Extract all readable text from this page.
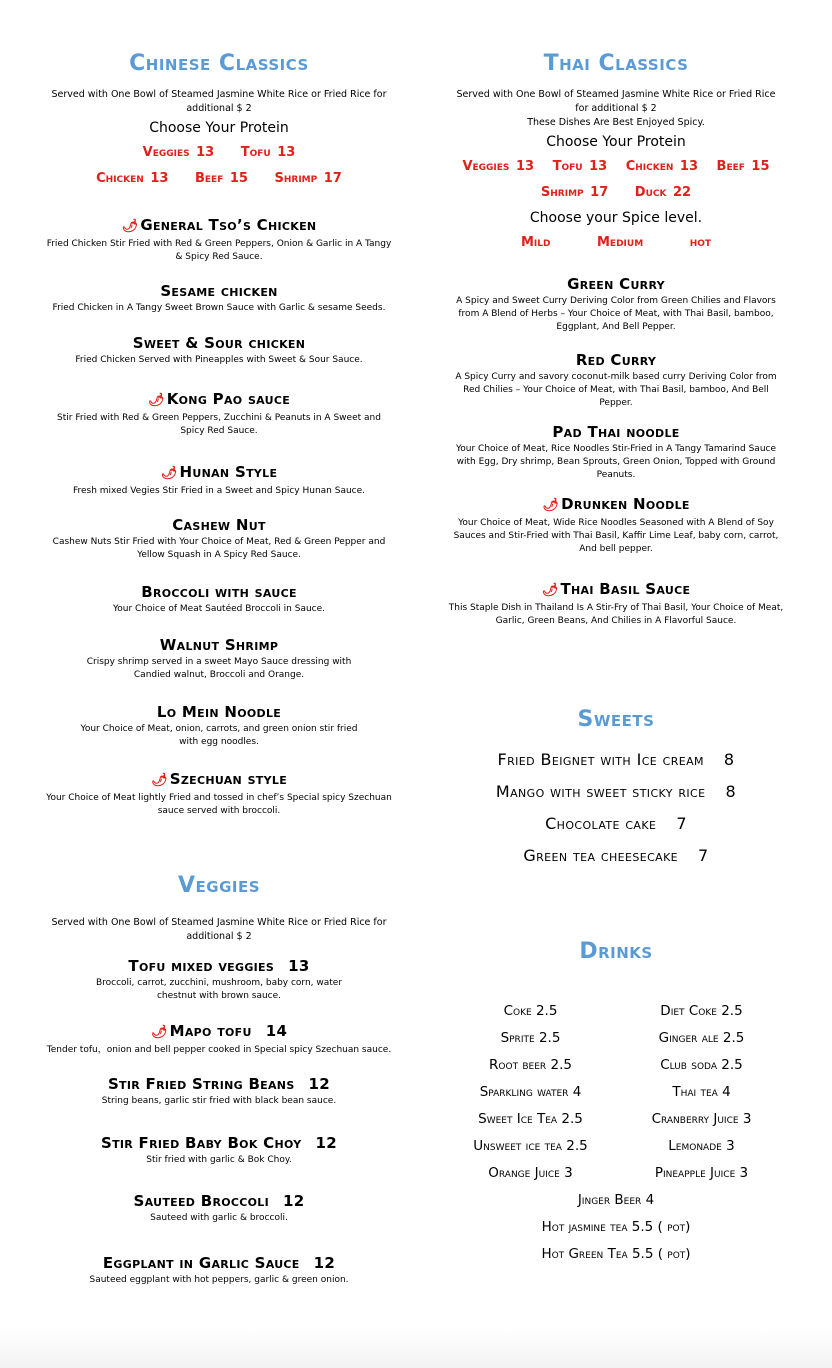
Chinese Classics
Served with One Bowl of Steamed Jasmine White Rice or Fried Rice for additional $ 2
Choose Your Protein
Veggies 13 Tofu 13
Chicken 13 Beef 15 Shrimp 17
🌶 General Tso’s Chicken
Fried Chicken Stir Fried with Red & Green Peppers, Onion & Garlic in A Tangy & Spicy Red Sauce.
Sesame chicken
Fried Chicken in A Tangy Sweet Brown Sauce with Garlic & sesame Seeds.
Sweet & Sour chicken
Fried Chicken Served with Pineapples with Sweet & Sour Sauce.
🌶 Kong Pao sauce
Stir Fried with Red & Green Peppers, Zucchini & Peanuts in A Sweet and Spicy Red Sauce.
🌶 Hunan Style
Fresh mixed Vegies Stir Fried in a Sweet and Spicy Hunan Sauce.
Cashew Nut
Cashew Nuts Stir Fried with Your Choice of Meat, Red & Green Pepper and Yellow Squash in A Spicy Red Sauce.
Broccoli with sauce
Your Choice of Meat Sautéed Broccoli in Sauce.
Walnut Shrimp
Crispy shrimp served in a sweet Mayo Sauce dressing with Candied walnut, Broccoli and Orange.
Lo Mein Noodle
Your Choice of Meat, onion, carrots, and green onion stir fried with egg noodles.
🌶 Szechuan style
Your Choice of Meat lightly Fried and tossed in chef’s Special spicy Szechuan sauce served with broccoli.
Veggies
Served with One Bowl of Steamed Jasmine White Rice or Fried Rice for additional $ 2
Tofu mixed veggies 13
Broccoli, carrot, zucchini, mushroom, baby corn, water chestnut with brown sauce.
🌶 Mapo tofu 14
Tender tofu，onion and bell pepper cooked in Special spicy Szechuan sauce.
Stir Fried String Beans 12
String beans, garlic stir fried with black bean sauce.
Stir Fried Baby Bok Choy 12
Stir fried with garlic & Bok Choy.
Sauteed Broccoli 12
Sauteed with garlic & broccoli.
Eggplant in Garlic Sauce 12
Sauteed eggplant with hot peppers, garlic & green onion.
Thai Classics
Served with One Bowl of Steamed Jasmine White Rice or Fried Rice for additional $ 2
These Dishes Are Best Enjoyed Spicy.
Choose Your Protein
Veggies 13 Tofu 13 Chicken 13 Beef 15
Shrimp 17 Duck 22
Choose your Spice level.
Mild	Medium	hot
Green Curry
A Spicy and Sweet Curry Deriving Color from Green Chilies and Flavors from A Blend of Herbs – Your Choice of Meat, with Thai Basil, bamboo, Eggplant, And Bell Pepper.
Red Curry
A Spicy Curry and savory coconut-milk based curry Deriving Color from Red Chilies – Your Choice of Meat, with Thai Basil, bamboo, And Bell Pepper.
Pad Thai noodle
Your Choice of Meat, Rice Noodles Stir-Fried in A Tangy Tamarind Sauce with Egg, Dry shrimp, Bean Sprouts, Green Onion, Topped with Ground Peanuts.
🌶 Drunken Noodle
Your Choice of Meat, Wide Rice Noodles Seasoned with A Blend of Soy Sauces and Stir-Fried with Thai Basil, Kaffir Lime Leaf, baby corn, carrot, And bell pepper.
🌶 Thai Basil Sauce
This Staple Dish in Thailand Is A Stir-Fry of Thai Basil, Your Choice of Meat, Garlic, Green Beans, And Chilies in A Flavorful Sauce.
Sweets
Fried Beignet with Ice cream 8
Mango with sweet sticky rice 8
Chocolate cake 7
Green tea cheesecake 7
Drinks
Coke 2.5	Diet Coke 2.5
Sprite 2.5	Ginger ale 2.5
Root beer 2.5	Club soda 2.5
Sparkling water 4	Thai tea 4
Sweet Ice Tea 2.5	Cranberry Juice 3
Unsweet ice tea 2.5	Lemonade 3
Orange Juice 3	Pineapple Juice 3
Jinger Beer 4
Hot jasmine tea 5.5 ( pot)
Hot Green Tea 5.5 ( pot)
